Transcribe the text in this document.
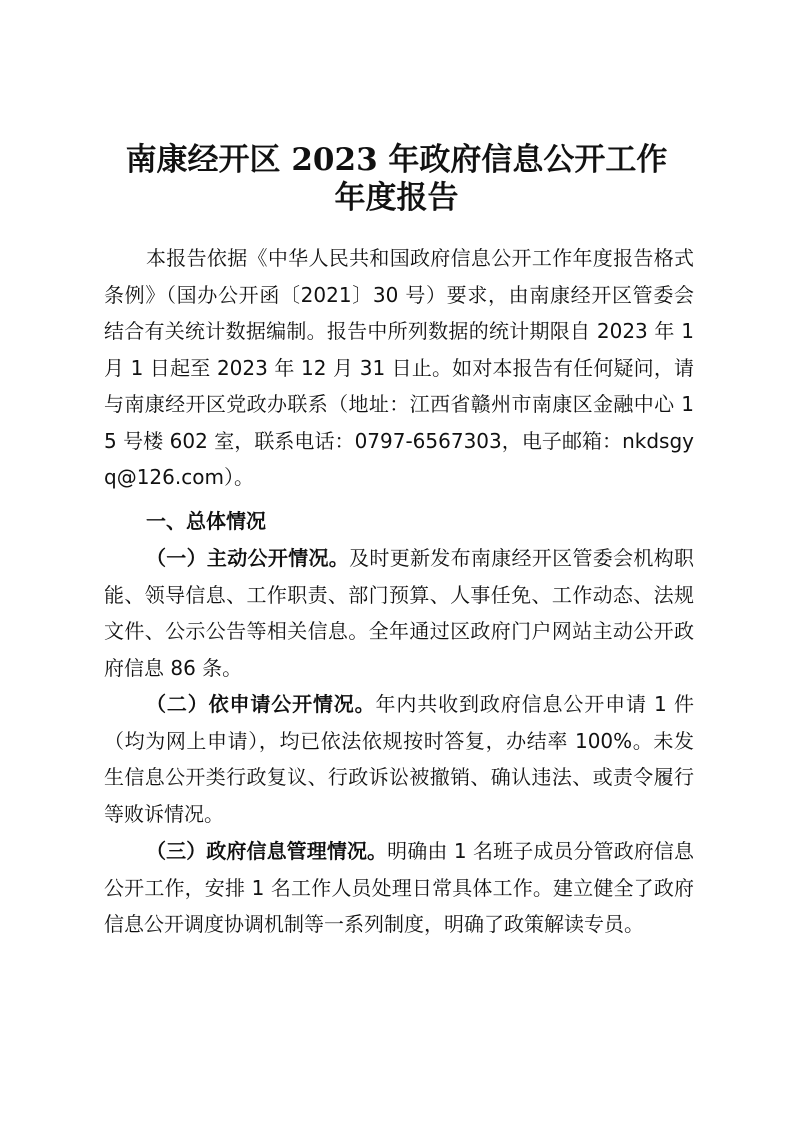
南康经开区 2023 年政府信息公开工作
年度报告
本报告依据《中华人民共和国政府信息公开工作年度报告格式条例》（国办公开函〔2021〕30 号）要求，由南康经开区管委会结合有关统计数据编制。报告中所列数据的统计期限自 2023 年 1 月 1 日起至 2023 年 12 月 31 日止。如对本报告有任何疑问，请与南康经开区党政办联系（地址：江西省赣州市南康区金融中心 15 号楼 602 室，联系电话：0797-6567303，电子邮箱：nkdsgyq@126.com）。
一、总体情况
（一）主动公开情况。及时更新发布南康经开区管委会机构职能、领导信息、工作职责、部门预算、人事任免、工作动态、法规文件、公示公告等相关信息。全年通过区政府门户网站主动公开政府信息 86 条。
（二）依申请公开情况。年内共收到政府信息公开申请 1 件（均为网上申请），均已依法依规按时答复，办结率 100%。未发生信息公开类行政复议、行政诉讼被撤销、确认违法、或责令履行等败诉情况。
（三）政府信息管理情况。明确由 1 名班子成员分管政府信息公开工作，安排 1 名工作人员处理日常具体工作。建立健全了政府信息公开调度协调机制等一系列制度，明确了政策解读专员。
